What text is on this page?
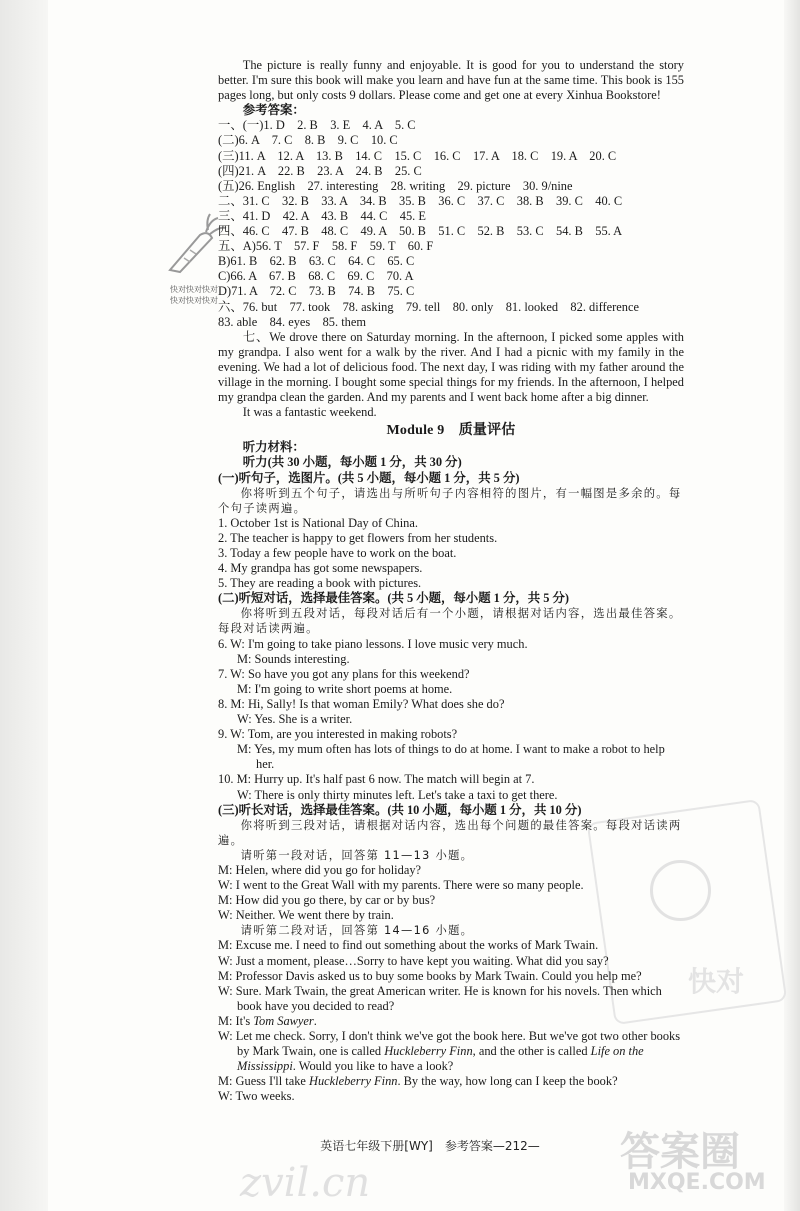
快对
快对快对快对
快对快对快对

The picture is really funny and enjoyable. It is good for you to understand the story better. I'm sure this book will make you learn and have fun at the same time. This book is 155 pages long, but only costs 9 dollars. Please come and get one at every Xinhua Bookstore!

参考答案：

一、(一)1. D　2. B　3. E　4. A　5. C

(二)6. A　7. C　8. B　9. C　10. C

(三)11. A　12. A　13. B　14. C　15. C　16. C　17. A　18. C　19. A　20. C

(四)21. A　22. B　23. A　24. B　25. C

(五)26. English　27. interesting　28. writing　29. picture　30. 9/nine

二、31. C　32. B　33. A　34. B　35. B　36. C　37. C　38. B　39. C　40. C

三、41. D　42. A　43. B　44. C　45. E

四、46. C　47. B　48. C　49. A　50. B　51. C　52. B　53. C　54. B　55. A

五、A)56. T　57. F　58. F　59. T　60. F

B)61. B　62. B　63. C　64. C　65. C

C)66. A　67. B　68. C　69. C　70. A

D)71. A　72. C　73. B　74. B　75. C

六、76. but　77. took　78. asking　79. tell　80. only　81. looked　82. difference

83. able　84. eyes　85. them

七、We drove there on Saturday morning. In the afternoon, I picked some apples with my grandpa. I also went for a walk by the river. And I had a picnic with my family in the evening. We had a lot of delicious food. The next day, I was riding with my father around the village in the morning. I bought some special things for my friends. In the afternoon, I helped my grandpa clean the garden. And my parents and I went back home after a big dinner.

It was a fantastic weekend.

Module 9　质量评估

听力材料：

听力(共 30 小题，每小题 1 分，共 30 分)

(一)听句子，选图片。(共 5 小题，每小题 1 分，共 5 分)

你将听到五个句子，请选出与所听句子内容相符的图片，有一幅图是多余的。每个句子读两遍。

1. October 1st is National Day of China.

2. The teacher is happy to get flowers from her students.

3. Today a few people have to work on the boat.

4. My grandpa has got some newspapers.

5. They are reading a book with pictures.

(二)听短对话，选择最佳答案。(共 5 小题，每小题 1 分，共 5 分)

你将听到五段对话，每段对话后有一个小题，请根据对话内容，选出最佳答案。每段对话读两遍。

6. W: I'm going to take piano lessons. I love music very much.

M: Sounds interesting.

7. W: So have you got any plans for this weekend?

M: I'm going to write short poems at home.

8. M: Hi, Sally! Is that woman Emily? What does she do?

W: Yes. She is a writer.

9. W: Tom, are you interested in making robots?

M: Yes, my mum often has lots of things to do at home. I want to make a robot to help her.

10. M: Hurry up. It's half past 6 now. The match will begin at 7.

W: There is only thirty minutes left. Let's take a taxi to get there.

(三)听长对话，选择最佳答案。(共 10 小题，每小题 1 分，共 10 分)

你将听到三段对话，请根据对话内容，选出每个问题的最佳答案。每段对话读两遍。

请听第一段对话，回答第 11—13 小题。

M: Helen, where did you go for holiday?

W: I went to the Great Wall with my parents. There were so many people.

M: How did you go there, by car or by bus?

W: Neither. We went there by train.

请听第二段对话，回答第 14—16 小题。

M: Excuse me. I need to find out something about the works of Mark Twain.

W: Just a moment, please…Sorry to have kept you waiting. What did you say?

M: Professor Davis asked us to buy some books by Mark Twain. Could you help me?

W: Sure. Mark Twain, the great American writer. He is known for his novels. Then which book have you decided to read?

M: It's Tom Sawyer.

W: Let me check. Sorry, I don't think we've got the book here. But we've got two other books by Mark Twain, one is called Huckleberry Finn, and the other is called Life on the Mississippi. Would you like to have a look?

M: Guess I'll take Huckleberry Finn. By the way, how long can I keep the book?

W: Two weeks.

英语七年级下册[WY]　参考答案—212—
zvil.cn
答案圈
MXQE.COM
